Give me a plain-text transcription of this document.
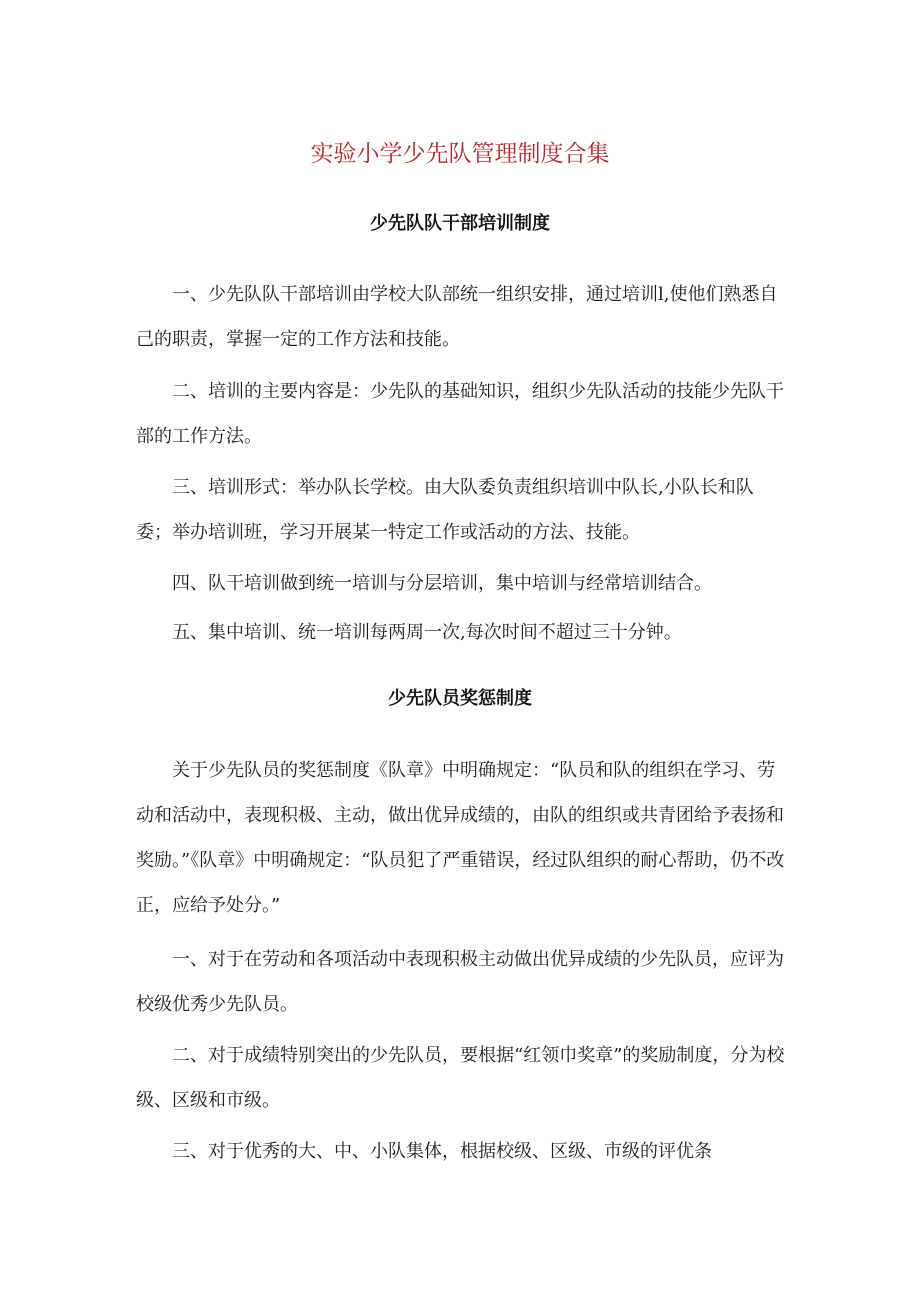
实验小学少先队管理制度合集
少先队队干部培训制度

一、少先队队干部培训由学校大队部统一组织安排，通过培训l,使他们熟悉自己的职责，掌握一定的工作方法和技能。

二、培训的主要内容是：少先队的基础知识，组织少先队活动的技能少先队干部的工作方法。

三、培训形式：举办队长学校。由大队委负责组织培训中队长,小队长和队委；举办培训班，学习开展某一特定工作或活动的方法、技能。

四、队干培训做到统一培训与分层培训，集中培训与经常培训结合。

五、集中培训、统一培训每两周一次,每次时间不超过三十分钟。

少先队员奖惩制度

关于少先队员的奖惩制度《队章》中明确规定：“队员和队的组织在学习、劳动和活动中，表现积极、主动，做出优异成绩的，由队的组织或共青团给予表扬和奖励。”《队章》中明确规定：“队员犯了严重错误，经过队组织的耐心帮助，仍不改正，应给予处分。”

一、对于在劳动和各项活动中表现积极主动做出优异成绩的少先队员，应评为校级优秀少先队员。

二、对于成绩特别突出的少先队员，要根据“红领巾奖章”的奖励制度，分为校级、区级和市级。

三、对于优秀的大、中、小队集体，根据校级、区级、市级的评优条
